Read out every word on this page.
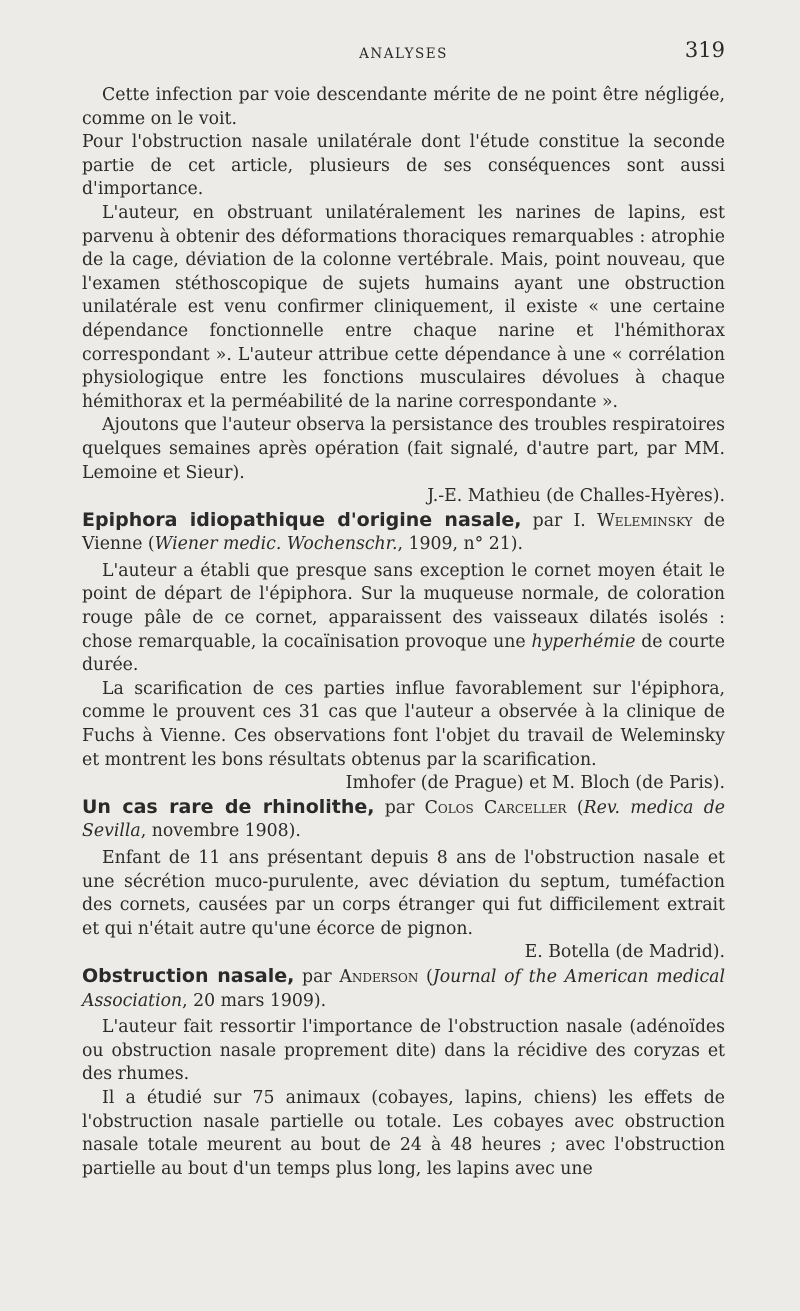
ANALYSES	319

Cette infection par voie descendante mérite de ne point être négligée, comme on le voit.

Pour l'obstruction nasale unilatérale dont l'étude constitue la seconde partie de cet article, plusieurs de ses conséquences sont aussi d'importance.

L'auteur, en obstruant unilatéralement les narines de lapins, est parvenu à obtenir des déformations thoraciques remarquables : atrophie de la cage, déviation de la colonne vertébrale. Mais, point nouveau, que l'examen stéthoscopique de sujets humains ayant une obstruction unilatérale est venu confirmer cliniquement, il existe « une certaine dépendance fonctionnelle entre chaque narine et l'hémithorax correspondant ». L'auteur attribue cette dépendance à une « corrélation physiologique entre les fonctions musculaires dévolues à chaque hémithorax et la perméabilité de la narine correspondante ».

Ajoutons que l'auteur observa la persistance des troubles respiratoires quelques semaines après opération (fait signalé, d'autre part, par MM. Lemoine et Sieur).

J.-E. Mathieu (de Challes-Hyères).

Epiphora idiopathique d'origine nasale, par I. Weleminsky de Vienne (Wiener medic. Wochenschr., 1909, n° 21).

L'auteur a établi que presque sans exception le cornet moyen était le point de départ de l'épiphora. Sur la muqueuse normale, de coloration rouge pâle de ce cornet, apparaissent des vaisseaux dilatés isolés : chose remarquable, la cocaïnisation provoque une hyperhémie de courte durée.

La scarification de ces parties influe favorablement sur l'épiphora, comme le prouvent ces 31 cas que l'auteur a observée à la clinique de Fuchs à Vienne. Ces observations font l'objet du travail de Weleminsky et montrent les bons résultats obtenus par la scarification.

Imhofer (de Prague) et M. Bloch (de Paris).

Un cas rare de rhinolithe, par Colos Carceller (Rev. medica de Sevilla, novembre 1908).

Enfant de 11 ans présentant depuis 8 ans de l'obstruction nasale et une sécrétion muco-purulente, avec déviation du septum, tuméfaction des cornets, causées par un corps étranger qui fut difficilement extrait et qui n'était autre qu'une écorce de pignon.

E. Botella (de Madrid).

Obstruction nasale, par Anderson (Journal of the American medical Association, 20 mars 1909).

L'auteur fait ressortir l'importance de l'obstruction nasale (adénoïdes ou obstruction nasale proprement dite) dans la récidive des coryzas et des rhumes.

Il a étudié sur 75 animaux (cobayes, lapins, chiens) les effets de l'obstruction nasale partielle ou totale. Les cobayes avec obstruction nasale totale meurent au bout de 24 à 48 heures ; avec l'obstruction partielle au bout d'un temps plus long, les lapins avec une
